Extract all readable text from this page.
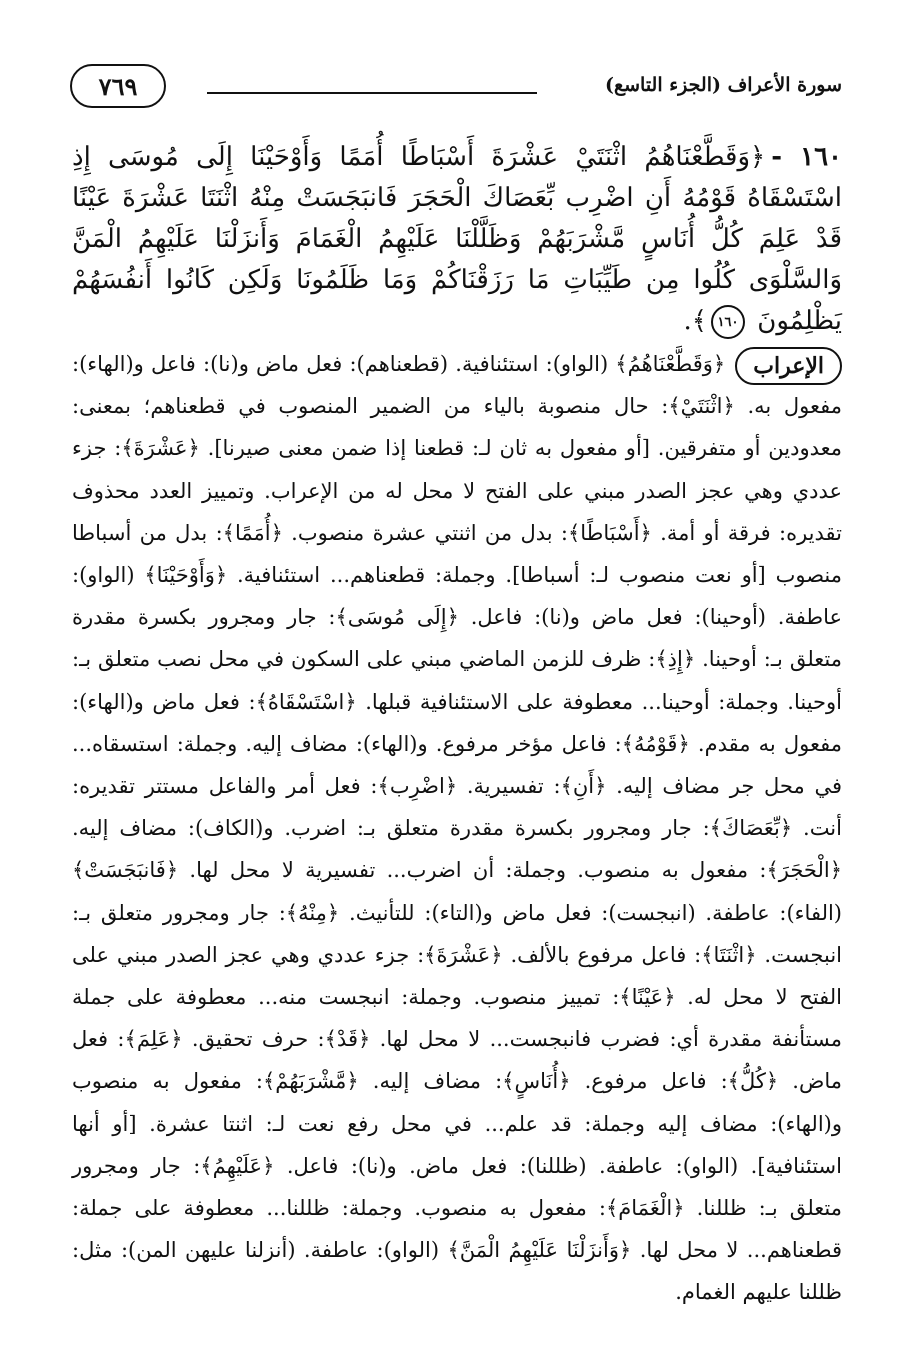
سورة الأعراف (الجزء التاسع)
٧٦٩
١٦٠ -﴿وَقَطَّعْنَاهُمُ اثْنَتَيْ عَشْرَةَ أَسْبَاطًا أُمَمًا وَأَوْحَيْنَا إِلَى مُوسَى إِذِ اسْتَسْقَاهُ قَوْمُهُ أَنِ اضْرِب بِّعَصَاكَ الْحَجَرَ فَانبَجَسَتْ مِنْهُ اثْنَتَا عَشْرَةَ عَيْنًا قَدْ عَلِمَ كُلُّ أُنَاسٍ مَّشْرَبَهُمْ وَظَلَّلْنَا عَلَيْهِمُ الْغَمَامَ وَأَنزَلْنَا عَلَيْهِمُ الْمَنَّ وَالسَّلْوَى كُلُوا مِن طَيِّبَاتِ مَا رَزَقْنَاكُمْ وَمَا ظَلَمُونَا وَلَكِن كَانُوا أَنفُسَهُمْ يَظْلِمُونَ ١٦٠﴾.
الإعراب﴿وَقَطَّعْنَاهُمُ﴾ (الواو): استئنافية. (قطعناهم): فعل ماض و(نا): فاعل و(الهاء): مفعول به. ﴿اثْنَتَيْ﴾: حال منصوبة بالياء من الضمير المنصوب في قطعناهم؛ بمعنى: معدودين أو متفرقين. [أو مفعول به ثان لـ: قطعنا إذا ضمن معنى صيرنا]. ﴿عَشْرَةَ﴾: جزء عددي وهي عجز الصدر مبني على الفتح لا محل له من الإعراب. وتمييز العدد محذوف تقديره: فرقة أو أمة. ﴿أَسْبَاطًا﴾: بدل من اثنتي عشرة منصوب. ﴿أُمَمًا﴾: بدل من أسباطا منصوب [أو نعت منصوب لـ: أسباطا]. وجملة: قطعناهم... استئنافية. ﴿وَأَوْحَيْنَا﴾ (الواو): عاطفة. (أوحينا): فعل ماض و(نا): فاعل. ﴿إِلَى مُوسَى﴾: جار ومجرور بكسرة مقدرة متعلق بـ: أوحينا. ﴿إِذِ﴾: ظرف للزمن الماضي مبني على السكون في محل نصب متعلق بـ: أوحينا. وجملة: أوحينا... معطوفة على الاستئنافية قبلها. ﴿اسْتَسْقَاهُ﴾: فعل ماض و(الهاء): مفعول به مقدم. ﴿قَوْمُهُ﴾: فاعل مؤخر مرفوع. و(الهاء): مضاف إليه. وجملة: استسقاه... في محل جر مضاف إليه. ﴿أَنِ﴾: تفسيرية. ﴿اضْرِب﴾: فعل أمر والفاعل مستتر تقديره: أنت. ﴿بِّعَصَاكَ﴾: جار ومجرور بكسرة مقدرة متعلق بـ: اضرب. و(الكاف): مضاف إليه. ﴿الْحَجَرَ﴾: مفعول به منصوب. وجملة: أن اضرب... تفسيرية لا محل لها. ﴿فَانبَجَسَتْ﴾ (الفاء): عاطفة. (انبجست): فعل ماض و(التاء): للتأنيث. ﴿مِنْهُ﴾: جار ومجرور متعلق بـ: انبجست. ﴿اثْنَتَا﴾: فاعل مرفوع بالألف. ﴿عَشْرَةَ﴾: جزء عددي وهي عجز الصدر مبني على الفتح لا محل له. ﴿عَيْنًا﴾: تمييز منصوب. وجملة: انبجست منه... معطوفة على جملة مستأنفة مقدرة أي: فضرب فانبجست... لا محل لها. ﴿قَدْ﴾: حرف تحقيق. ﴿عَلِمَ﴾: فعل ماض. ﴿كُلُّ﴾: فاعل مرفوع. ﴿أُنَاسٍ﴾: مضاف إليه. ﴿مَّشْرَبَهُمْ﴾: مفعول به منصوب و(الهاء): مضاف إليه وجملة: قد علم... في محل رفع نعت لـ: اثنتا عشرة. [أو أنها استئنافية]. (الواو): عاطفة. (ظللنا): فعل ماض. و(نا): فاعل. ﴿عَلَيْهِمُ﴾: جار ومجرور متعلق بـ: ظللنا. ﴿الْغَمَامَ﴾: مفعول به منصوب. وجملة: ظللنا... معطوفة على جملة: قطعناهم... لا محل لها. ﴿وَأَنزَلْنَا عَلَيْهِمُ الْمَنَّ﴾ (الواو): عاطفة. (أنزلنا عليهن المن): مثل: ظللنا عليهم الغمام.
